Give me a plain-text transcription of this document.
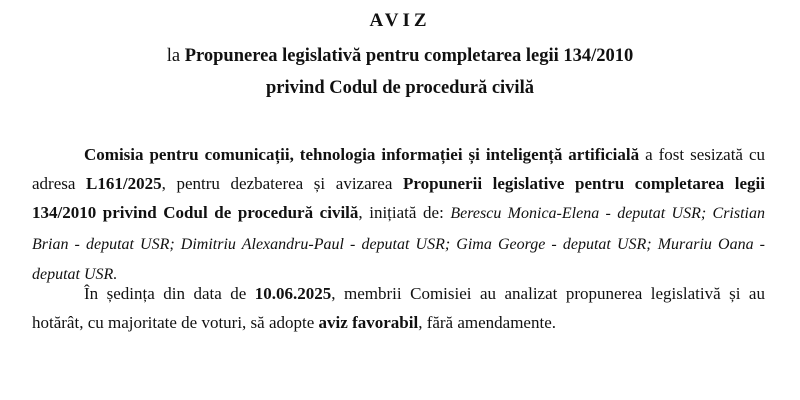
AVIZ
la Propunerea legislativă pentru completarea legii 134/2010
privind Codul de procedură civilă
Comisia pentru comunicații, tehnologia informației și inteligență artificială a fost sesizată cu adresa L161/2025, pentru dezbaterea și avizarea Propunerii legislative pentru completarea legii 134/2010 privind Codul de procedură civilă, inițiată de: Berescu Monica-Elena - deputat USR; Cristian Brian - deputat USR; Dimitriu Alexandru-Paul - deputat USR; Gima George - deputat USR; Murariu Oana - deputat USR.
În ședința din data de 10.06.2025, membrii Comisiei au analizat propunerea legislativă și au hotărât, cu majoritate de voturi, să adopte aviz favorabil, fără amendamente.
